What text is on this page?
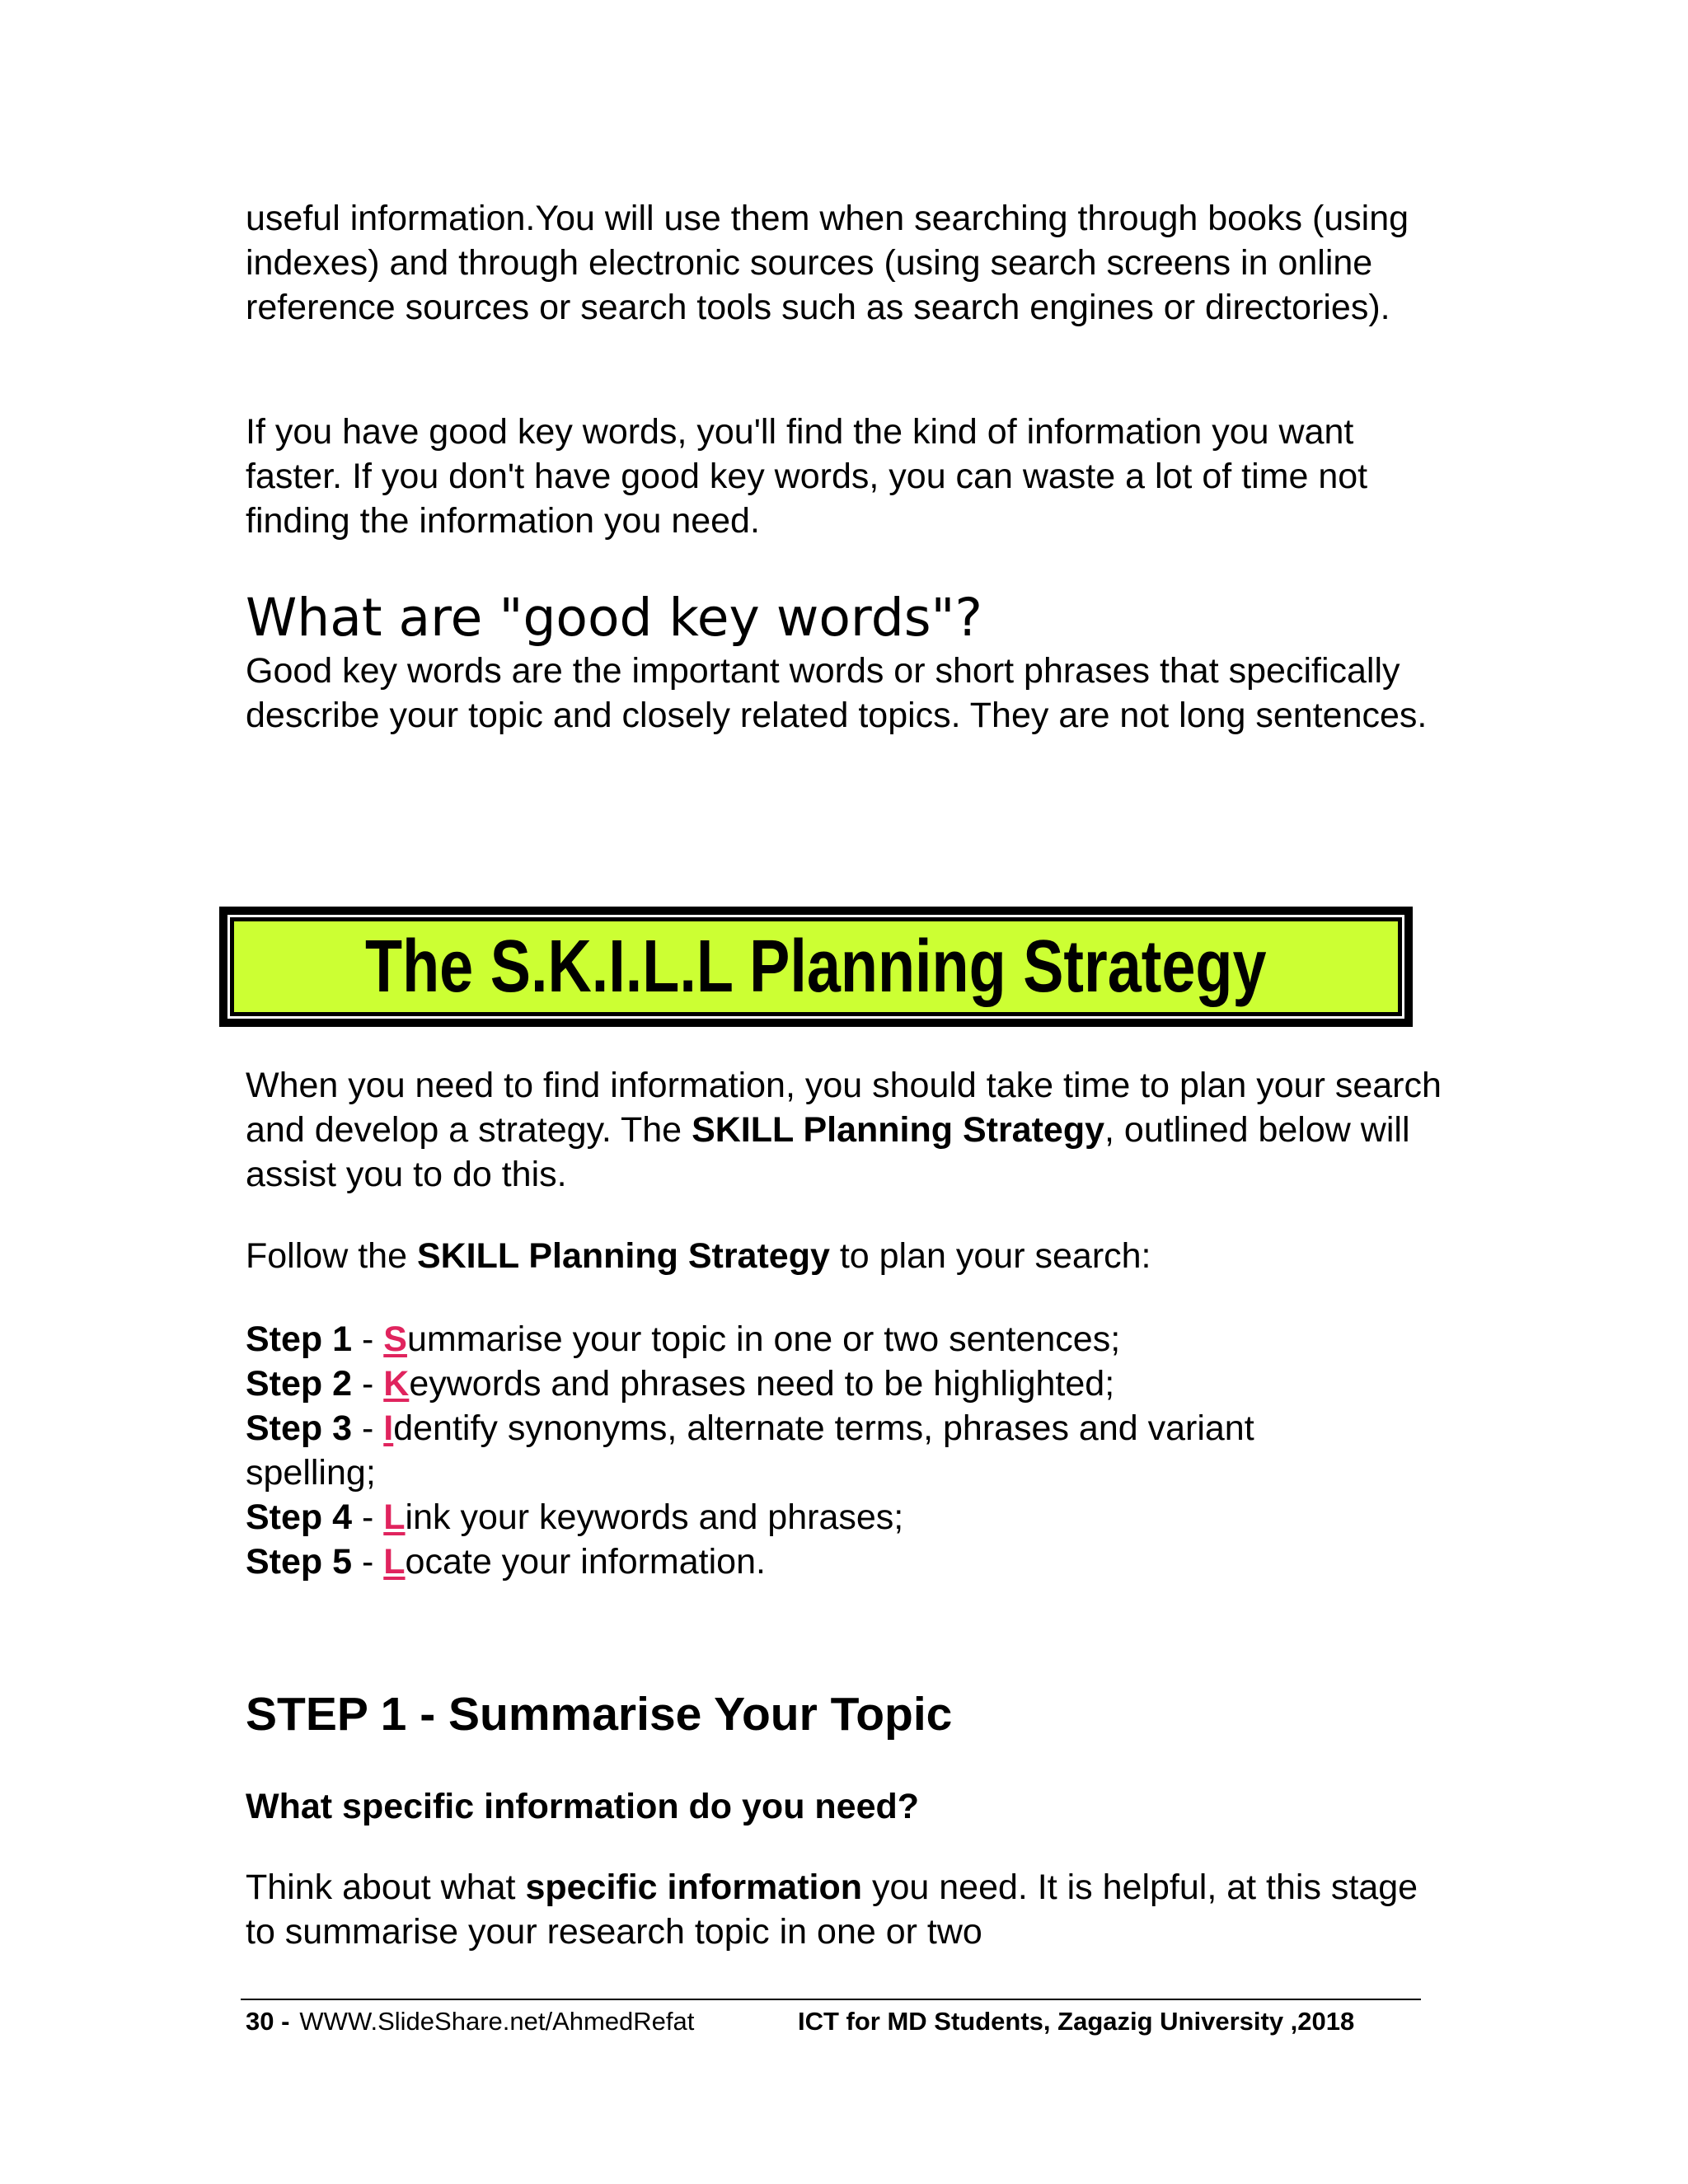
useful information.You will use them when searching through books (using indexes) and through electronic sources (using search screens in online reference sources or search tools such as search engines or directories).

If you have good key words, you'll find the kind of information you want faster. If you don't have good key words, you can waste a lot of time not finding the information you need.

What are "good key words"?

Good key words are the important words or short phrases that specifically describe your topic and closely related topics. They are not long sentences.

The S.K.I.L.L Planning Strategy

When you need to find information, you should take time to plan your search and develop a strategy. The SKILL Planning Strategy, outlined below will assist you to do this.

Follow the SKILL Planning Strategy to plan your search:

Step 1 - Summarise your topic in one or two sentences;
Step 2 - Keywords and phrases need to be highlighted;
Step 3 - Identify synonyms, alternate terms, phrases and variant
spelling;
Step 4 - Link your keywords and phrases;
Step 5 - Locate your information.
STEP 1 - Summarise Your Topic
What specific information do you need?

Think about what specific information you need. It is helpful, at this stage to summarise your research topic in one or two

30 - WWW.SlideShare.net/AhmedRefat	ICT for MD Students, Zagazig University ,2018
